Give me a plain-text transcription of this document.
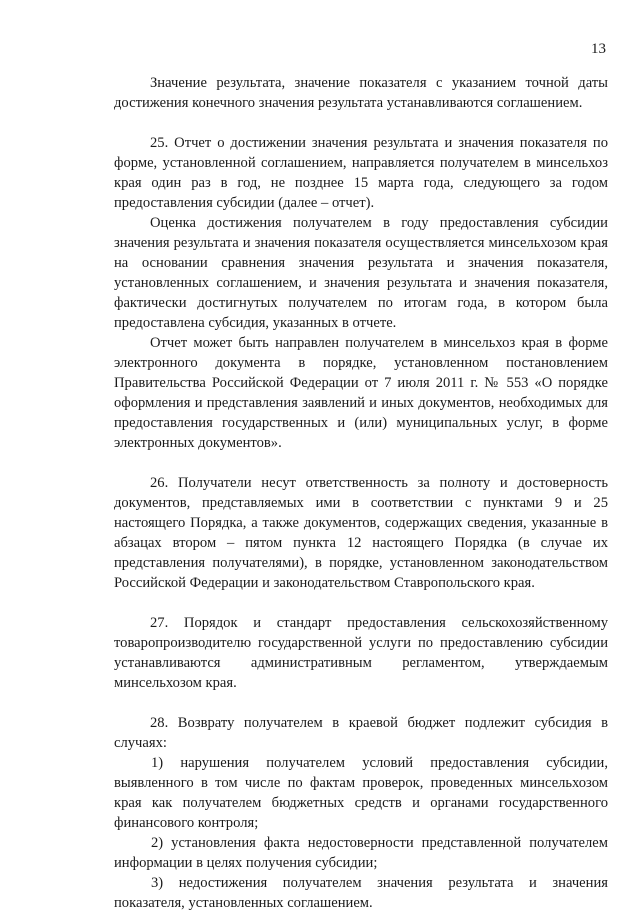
13

Значение результата, значение показателя с указанием точной даты достижения конечного значения результата устанавливаются соглашением.

25. Отчет о достижении значения результата и значения показателя по форме, установленной соглашением, направляется получателем в минсельхоз края один раз в год, не позднее 15 марта года, следующего за годом предоставления субсидии (далее – отчет).

Оценка достижения получателем в году предоставления субсидии значения результата и значения показателя осуществляется минсельхозом края на основании сравнения значения результата и значения показателя, установленных соглашением, и значения результата и значения показателя, фактически достигнутых получателем по итогам года, в котором была предоставлена субсидия, указанных в отчете.

Отчет может быть направлен получателем в минсельхоз края в форме электронного документа в порядке, установленном постановлением Правительства Российской Федерации от 7 июля 2011 г. № 553 «О порядке оформления и представления заявлений и иных документов, необходимых для предоставления государственных и (или) муниципальных услуг, в форме электронных документов».

26. Получатели несут ответственность за полноту и достоверность документов, представляемых ими в соответствии с пунктами 9 и 25 настоящего Порядка, а также документов, содержащих сведения, указанные в абзацах втором – пятом пункта 12 настоящего Порядка (в случае их представления получателями), в порядке, установленном законодательством Российской Федерации и законодательством Ставропольского края.

27. Порядок и стандарт предоставления сельскохозяйственному товаропроизводителю государственной услуги по предоставлению субсидии устанавливаются административным регламентом, утверждаемым минсельхозом края.

28. Возврату получателем в краевой бюджет подлежит субсидия в случаях:

1) нарушения получателем условий предоставления субсидии, выявленного в том числе по фактам проверок, проведенных минсельхозом края как получателем бюджетных средств и органами государственного финансового контроля;

2) установления факта недостоверности представленной получателем информации в целях получения субсидии;

3) недостижения получателем значения результата и значения показателя, установленных соглашением.
